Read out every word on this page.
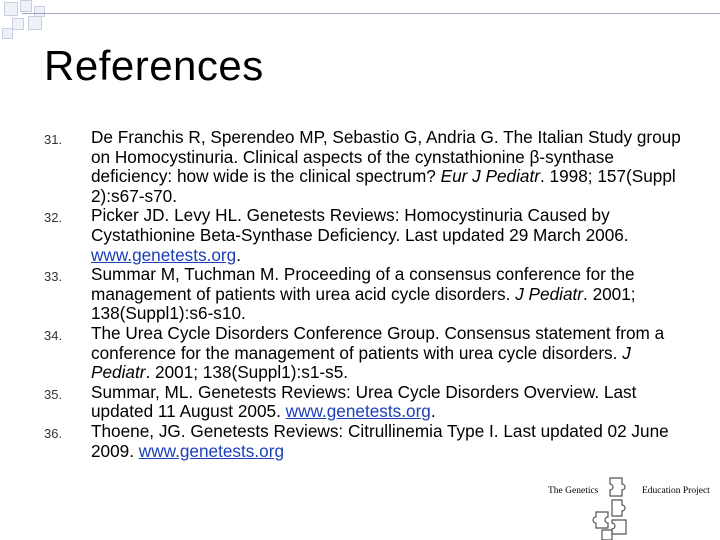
References
31.	De Franchis R, Sperendeo MP, Sebastio G, Andria G. The Italian Study group on Homocystinuria. Clinical aspects of the cynstathionine β-synthase deficiency: how wide is the clinical spectrum? Eur J Pediatr. 1998; 157(Suppl 2):s67-s70.
32.	Picker JD. Levy HL. Genetests Reviews: Homocystinuria Caused by Cystathionine Beta-Synthase Deficiency. Last updated 29 March 2006. www.genetests.org.
33.	Summar M, Tuchman M. Proceeding of a consensus conference for the management of patients with urea acid cycle disorders. J Pediatr. 2001; 138(Suppl1):s6-s10.
34.	The Urea Cycle Disorders Conference Group. Consensus statement from a conference for the management of patients with urea cycle disorders. J Pediatr. 2001; 138(Suppl1):s1-s5.
35.	Summar, ML. Genetests Reviews: Urea Cycle Disorders Overview. Last updated 11 August 2005. www.genetests.org.
36.	Thoene, JG. Genetests Reviews: Citrullinemia Type I. Last updated 02 June 2009. www.genetests.org
The Genetics	Education Project
